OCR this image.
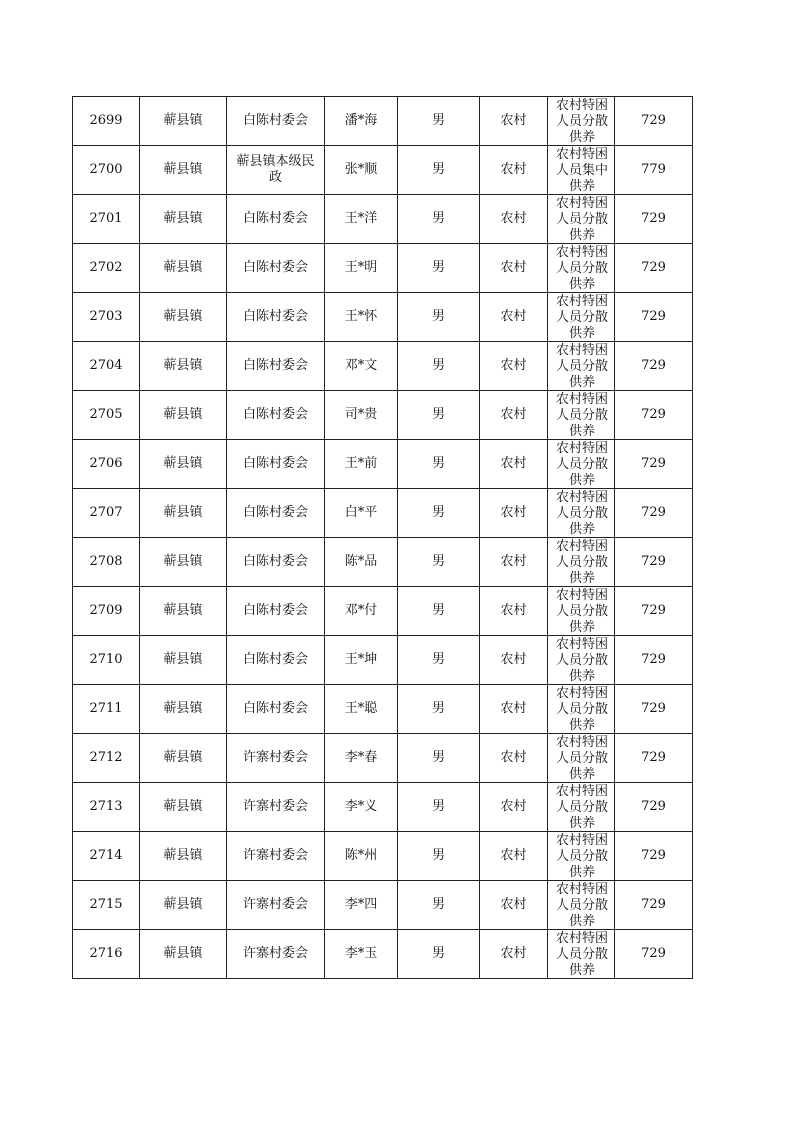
2699	蕲县镇	白陈村委会	潘*海	男	农村	农村特困人员分散供养	729
2700	蕲县镇	蕲县镇本级民政	张*顺	男	农村	农村特困人员集中供养	779
2701	蕲县镇	白陈村委会	王*洋	男	农村	农村特困人员分散供养	729
2702	蕲县镇	白陈村委会	王*明	男	农村	农村特困人员分散供养	729
2703	蕲县镇	白陈村委会	王*怀	男	农村	农村特困人员分散供养	729
2704	蕲县镇	白陈村委会	邓*文	男	农村	农村特困人员分散供养	729
2705	蕲县镇	白陈村委会	司*贵	男	农村	农村特困人员分散供养	729
2706	蕲县镇	白陈村委会	王*前	男	农村	农村特困人员分散供养	729
2707	蕲县镇	白陈村委会	白*平	男	农村	农村特困人员分散供养	729
2708	蕲县镇	白陈村委会	陈*品	男	农村	农村特困人员分散供养	729
2709	蕲县镇	白陈村委会	邓*付	男	农村	农村特困人员分散供养	729
2710	蕲县镇	白陈村委会	王*坤	男	农村	农村特困人员分散供养	729
2711	蕲县镇	白陈村委会	王*聪	男	农村	农村特困人员分散供养	729
2712	蕲县镇	许寨村委会	李*春	男	农村	农村特困人员分散供养	729
2713	蕲县镇	许寨村委会	李*义	男	农村	农村特困人员分散供养	729
2714	蕲县镇	许寨村委会	陈*州	男	农村	农村特困人员分散供养	729
2715	蕲县镇	许寨村委会	李*四	男	农村	农村特困人员分散供养	729
2716	蕲县镇	许寨村委会	李*玉	男	农村	农村特困人员分散供养	729
